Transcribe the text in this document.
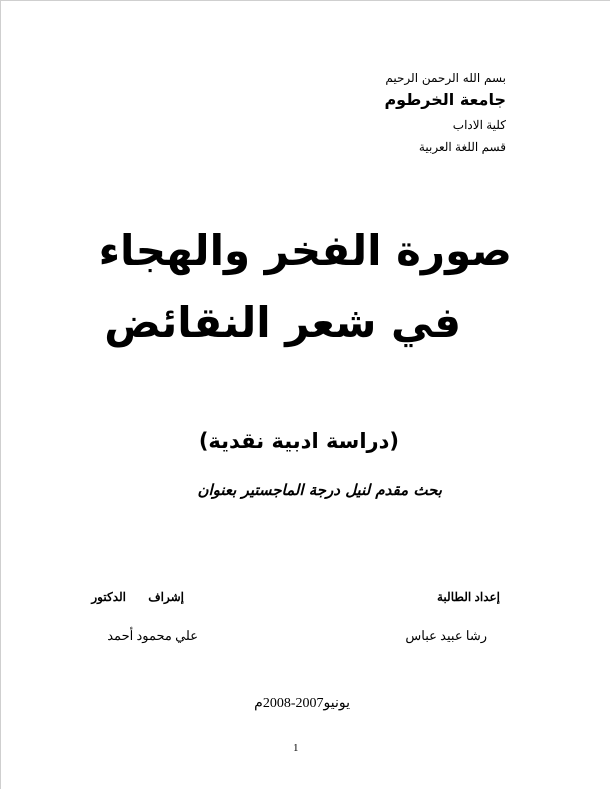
بسم الله الرحمن الرحيم
جامعة الخرطوم
كلية الاداب
قسم اللغة العربية
صورة الفخر والهجاء
في شعر النقائض
(دراسة ادبية نقدية)
بحث مقدم لنيل درجة الماجستير بعنوان
إعداد الطالبة
إشراف
الدكتور
رشا عبيد عباس
علي محمود أحمد
يونيو2007-2008م
1
